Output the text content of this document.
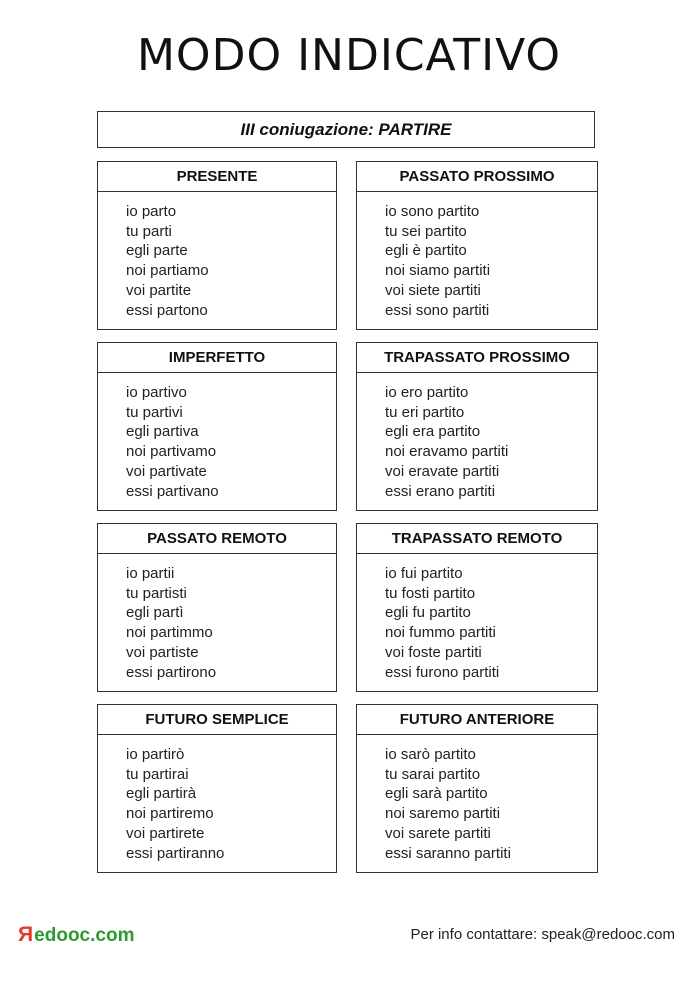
MODO INDICATIVO
III coniugazione: PARTIRE
PRESENTE
io parto
tu parti
egli parte
noi partiamo
voi partite
essi partono
PASSATO PROSSIMO
io sono partito
tu sei partito
egli è partito
noi siamo partiti
voi siete partiti
essi sono partiti
IMPERFETTO
io partivo
tu partivi
egli partiva
noi partivamo
voi partivate
essi partivano
TRAPASSATO PROSSIMO
io ero partito
tu eri partito
egli era partito
noi eravamo partiti
voi eravate partiti
essi erano partiti
PASSATO REMOTO
io partii
tu partisti
egli partì
noi partimmo
voi partiste
essi partirono
TRAPASSATO REMOTO
io fui partito
tu fosti partito
egli fu partito
noi fummo partiti
voi foste partiti
essi furono partiti
FUTURO SEMPLICE
io partirò
tu partirai
egli partirà
noi partiremo
voi partirete
essi partiranno
FUTURO ANTERIORE
io sarò partito
tu sarai partito
egli sarà partito
noi saremo partiti
voi sarete partiti
essi saranno partiti
R edooc.com	Per info contattare: speak@redooc.com
